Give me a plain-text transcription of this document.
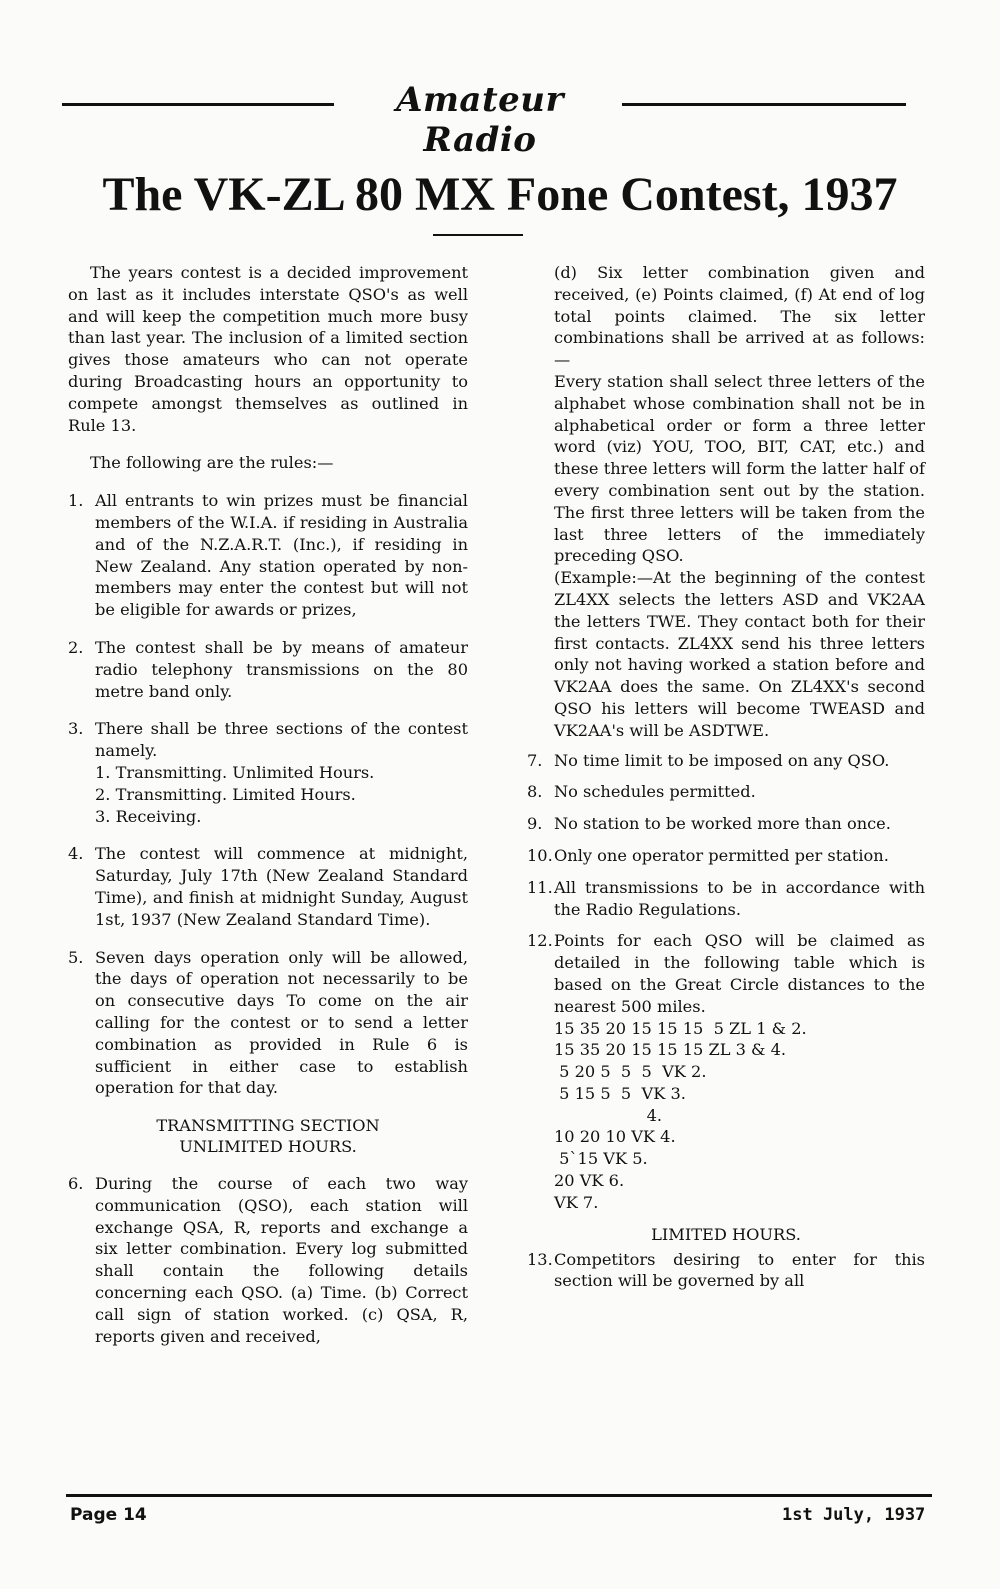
Amateur Radio
The VK-ZL 80 MX Fone Contest, 1937

The years contest is a decided improvement on last as it includes interstate QSO's as well and will keep the competition much more busy than last year. The inclusion of a limited section gives those amateurs who can not operate during Broadcasting hours an opportunity to compete amongst themselves as outlined in Rule 13.

The following are the rules:—

1. All entrants to win prizes must be financial members of the W.I.A. if residing in Australia and of the N.Z.A.R.T. (Inc.), if residing in New Zealand. Any station operated by non-members may enter the contest but will not be eligible for awards or prizes,
2. The contest shall be by means of amateur radio telephony transmissions on the 80 metre band only.
3. There shall be three sections of the contest namely.
1. Transmitting. Unlimited Hours.
2. Transmitting. Limited Hours.
3. Receiving.
4. The contest will commence at midnight, Saturday, July 17th (New Zealand Standard Time), and finish at midnight Sunday, August 1st, 1937 (New Zealand Standard Time).
5. Seven days operation only will be allowed, the days of operation not necessarily to be on consecutive days To come on the air calling for the contest or to send a letter combination as provided in Rule 6 is sufficient in either case to establish operation for that day.
TRANSMITTING SECTION
UNLIMITED HOURS.
6. During the course of each two way communication (QSO), each station will exchange QSA, R, reports and exchange a six letter combination. Every log submitted shall contain the following details concerning each QSO. (a) Time. (b) Correct call sign of station worked. (c) QSA, R, reports given and received,
(d) Six letter combination given and received, (e) Points claimed, (f) At end of log total points claimed. The six letter combinations shall be arrived at as follows:—
Every station shall select three letters of the alphabet whose combination shall not be in alphabetical order or form a three letter word (viz) YOU, TOO, BIT, CAT, etc.) and these three letters will form the latter half of every combination sent out by the station. The first three letters will be taken from the last three letters of the immediately preceding QSO.
(Example:—At the beginning of the contest ZL4XX selects the letters ASD and VK2AA the letters TWE. They contact both for their first contacts. ZL4XX send his three letters only not having worked a station before and VK2AA does the same. On ZL4XX's second QSO his letters will become TWEASD and VK2AA's will be ASDTWE.
7. No time limit to be imposed on any QSO.
8. No schedules permitted.
9. No station to be worked more than once.
10. Only one operator permitted per station.
11. All transmissions to be in accordance with the Radio Regulations.
12. Points for each QSO will be claimed as detailed in the following table which is based on the Great Circle distances to the nearest 500 miles.
15 35 20 15 15 15  5 ZL 1 & 2.
15 35 20 15 15 15 ZL 3 & 4.
5 20 5  5  5  VK 2.
5 15 5  5  VK 3.
4.
10 20 10 VK 4.
5`15 VK 5.
20 VK 6.
VK 7.
LIMITED HOURS.
13. Competitors desiring to enter for this section will be governed by all
Page 14	1st July, 1937
